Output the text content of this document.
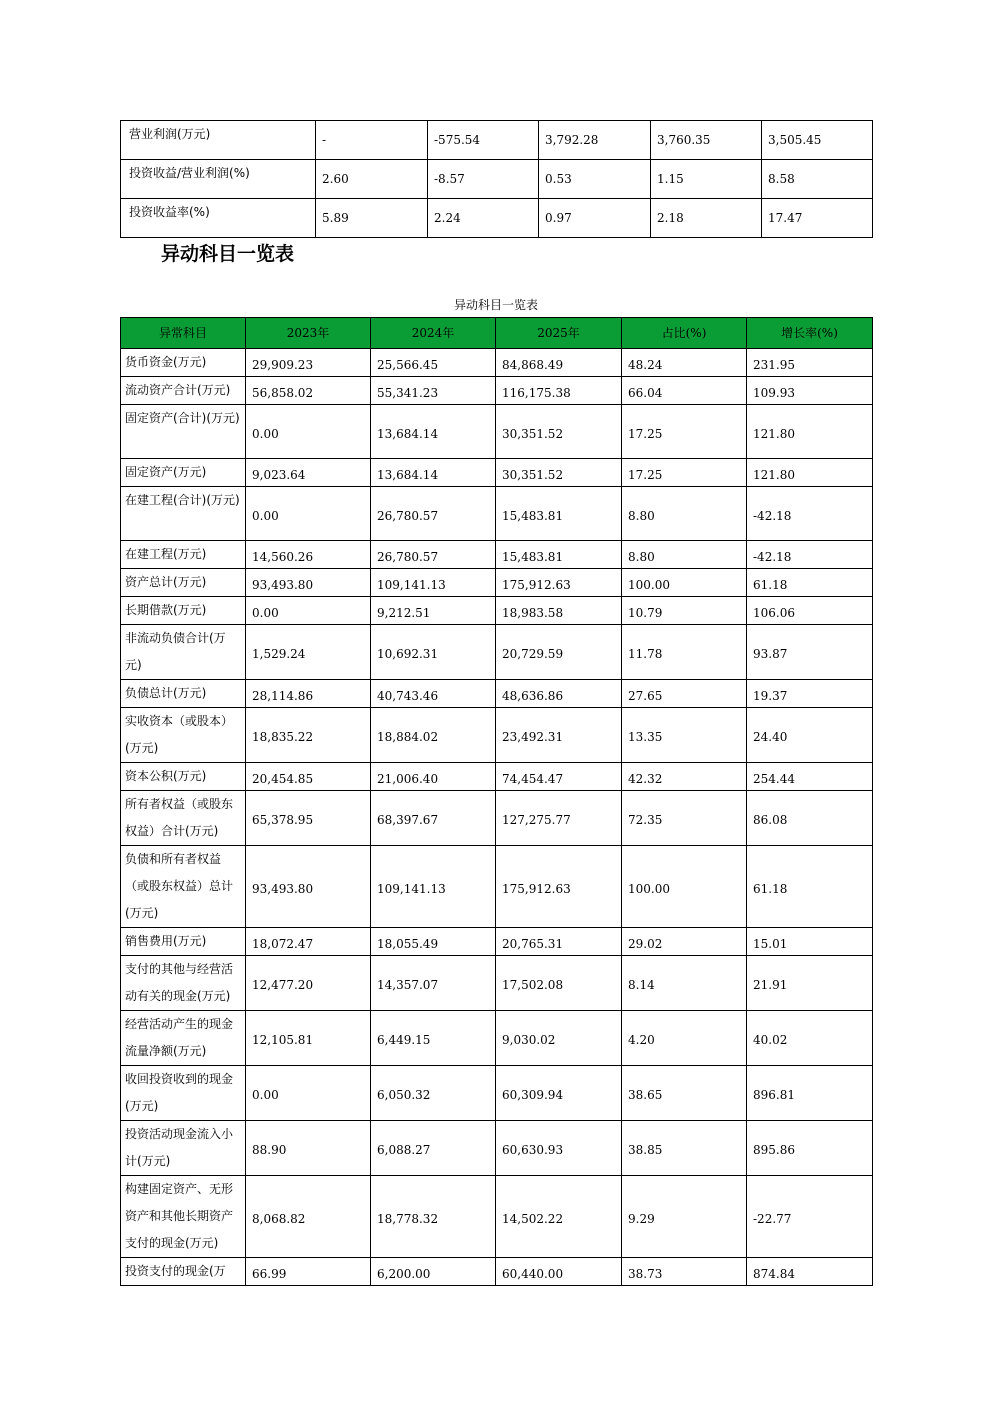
营业利润(万元)	-	-575.54	3,792.28	3,760.35	3,505.45
投资收益/营业利润(%)	2.60	-8.57	0.53	1.15	8.58
投资收益率(%)	5.89	2.24	0.97	2.18	17.47
异动科目一览表
异动科目一览表
异常科目	2023年	2024年	2025年	占比(%)	增长率(%)
货币资金(万元)	29,909.23	25,566.45	84,868.49	48.24	231.95
流动资产合计(万元)	56,858.02	55,341.23	116,175.38	66.04	109.93
固定资产(合计)(万元)	0.00	13,684.14	30,351.52	17.25	121.80
固定资产(万元)	9,023.64	13,684.14	30,351.52	17.25	121.80
在建工程(合计)(万元)	0.00	26,780.57	15,483.81	8.80	-42.18
在建工程(万元)	14,560.26	26,780.57	15,483.81	8.80	-42.18
资产总计(万元)	93,493.80	109,141.13	175,912.63	100.00	61.18
长期借款(万元)	0.00	9,212.51	18,983.58	10.79	106.06
非流动负债合计(万元)	1,529.24	10,692.31	20,729.59	11.78	93.87
负债总计(万元)	28,114.86	40,743.46	48,636.86	27.65	19.37
实收资本（或股本）(万元)	18,835.22	18,884.02	23,492.31	13.35	24.40
资本公积(万元)	20,454.85	21,006.40	74,454.47	42.32	254.44
所有者权益（或股东权益）合计(万元)	65,378.95	68,397.67	127,275.77	72.35	86.08
负债和所有者权益（或股东权益）总计(万元)	93,493.80	109,141.13	175,912.63	100.00	61.18
销售费用(万元)	18,072.47	18,055.49	20,765.31	29.02	15.01
支付的其他与经营活动有关的现金(万元)	12,477.20	14,357.07	17,502.08	8.14	21.91
经营活动产生的现金流量净额(万元)	12,105.81	6,449.15	9,030.02	4.20	40.02
收回投资收到的现金(万元)	0.00	6,050.32	60,309.94	38.65	896.81
投资活动现金流入小计(万元)	88.90	6,088.27	60,630.93	38.85	895.86
构建固定资产、无形资产和其他长期资产支付的现金(万元)	8,068.82	18,778.32	14,502.22	9.29	-22.77
投资支付的现金(万	66.99	6,200.00	60,440.00	38.73	874.84
